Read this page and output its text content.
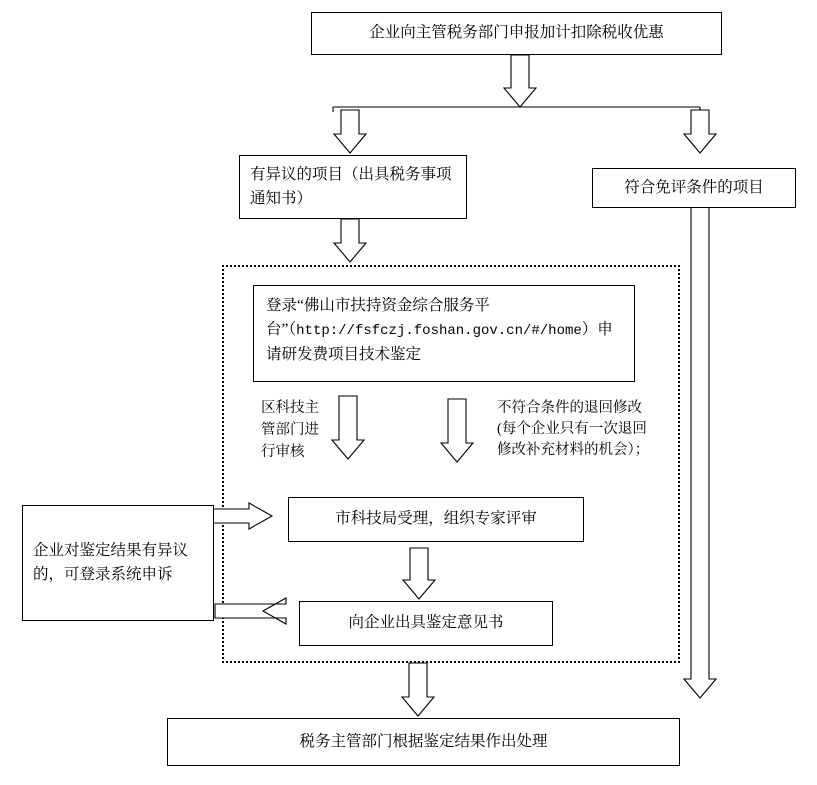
企业向主管税务部门申报加计扣除税收优惠
有异议的项目（出具税务事项通知书）
符合免评条件的项目
登录“佛山市扶持资金综合服务平台”（http://fsfczj.foshan.gov.cn/#/home）申请研发费项目技术鉴定
市科技局受理，组织专家评审
向企业出具鉴定意见书
企业对鉴定结果有异议的，可登录系统申诉
税务主管部门根据鉴定结果作出处理
区科技主管部门进行审核
不符合条件的退回修改(每个企业只有一次退回修改补充材料的机会）；
